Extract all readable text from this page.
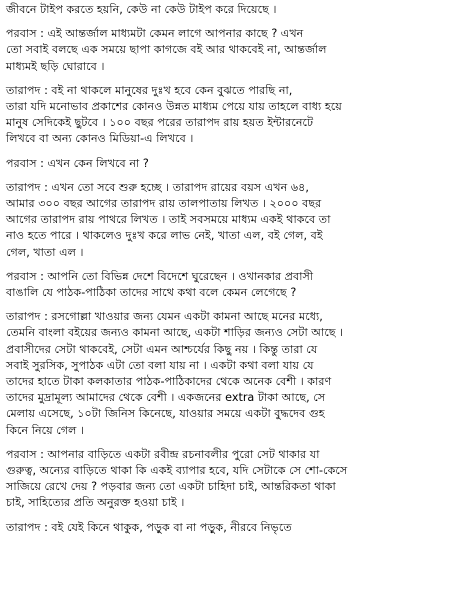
জীবনে টাইপ করতে হয়নি, কেউ না কেউ টাইপ করে দিয়েছে ।
পরবাস : এই আন্তর্জাল মাধ্যমটা কেমন লাগে আপনার কাছে ? এখন
তো সবাই বলছে এক সময়ে ছাপা কাগজে বই আর থাকবেই না, আন্তর্জাল
মাধ্যমই ছড়ি ঘোরাবে ।
তারাপদ : বই না থাকলে মানুষের দুঃখ হবে কেন বুঝতে পারছি না,
তারা যদি মনোভাব প্রকাশের কোনও উন্নত মাধ্যম পেয়ে যায় তাহলে বাধ্য হয়ে
মানুষ সেদিকেই ছুটবে । ১০০ বছর পরের তারাপদ রায় হয়ত ইন্টারনেটে
লিখবে বা অন্য কোনও মিডিয়া-এ লিখবে ।
পরবাস : এখন কেন লিখবে না ?
তারাপদ : এখন তো সবে শুরু হচ্ছে । তারাপদ রায়ের বয়স এখন ৬৪,
আমার ৩০০ বছর আগের তারাপদ রায় তালপাতায় লিখত । ২০০০ বছর
আগের তারাপদ রায় পাথরে লিখত । তাই সবসময়ে মাধ্যম একই থাকবে তা
নাও হতে পারে । থাকলেও দুঃখ করে লাভ নেই, খাতা এল, বই গেল, বই
গেল, খাতা এল ।
পরবাস : আপনি তো বিভিন্ন দেশে বিদেশে ঘুরেছেন । ওখানকার প্রবাসী
বাঙালি যে পাঠক-পাঠিকা তাদের সাথে কথা বলে কেমন লেগেছে ?
তারাপদ : রসগোল্লা খাওয়ার জন্য যেমন একটা কামনা আছে মনের মধ্যে,
তেমনি বাংলা বইয়ের জন্যও কামনা আছে, একটা শাড়ির জন্যও সেটা আছে ।
প্রবাসীদের সেটা থাকবেই, সেটা এমন আশ্চর্যের কিছু নয় । কিন্তু তারা যে
সবাই সুরসিক, সুপাঠক এটা তো বলা যায় না । একটা কথা বলা যায় যে
তাদের হাতে টাকা কলকাতার পাঠক-পাঠিকাদের থেকে অনেক বেশী । কারণ
তাদের মুদ্রামূল্য আমাদের থেকে বেশী । একজনের extra টাকা আছে, সে
মেলায় এসেছে, ১০টা জিনিস কিনেছে, যাওয়ার সময়ে একটা বুদ্ধদেব গুহ
কিনে নিয়ে গেল ।
পরবাস : আপনার বাড়িতে একটা রবীন্দ্র রচনাবলীর পুরো সেট থাকার যা
গুরুত্ব, অন্যের বাড়িতে থাকা কি একই ব্যাপার হবে, যদি সেটাকে সে শো-কেসে
সাজিয়ে রেখে দেয় ? পড়বার জন্য তো একটা চাহিদা চাই, আন্তরিকতা থাকা
চাই, সাহিত্যের প্রতি অনুরক্ত হওয়া চাই ।
তারাপদ : বই যেই কিনে থাকুক, পড়ুক বা না পড়ুক, নীরবে নিভৃতে
